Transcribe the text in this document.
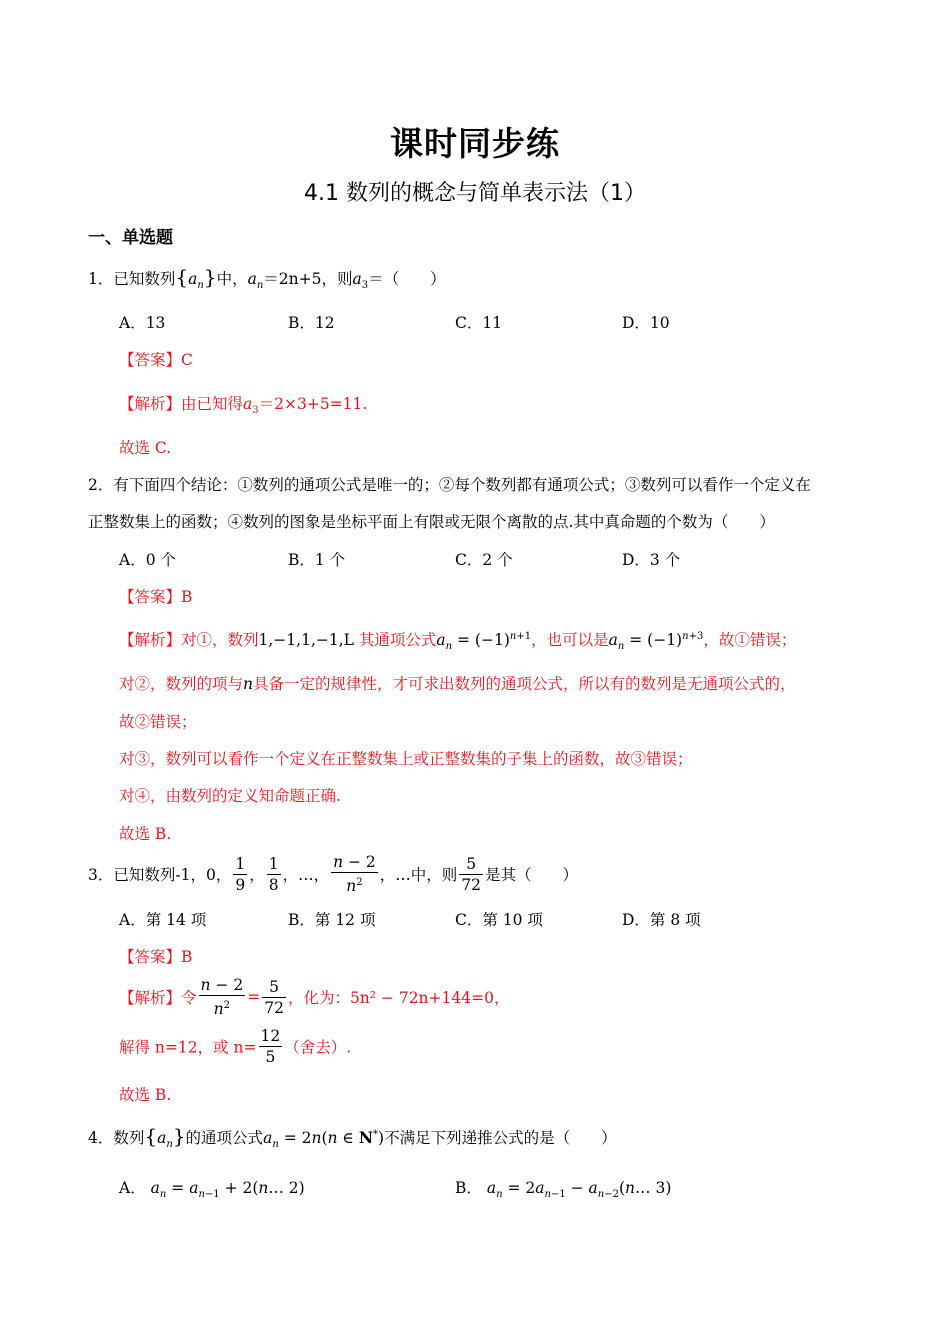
课时同步练
4.1 数列的概念与简单表示法（1）
一、单选题
1．已知数列$\{a_n\}$中，$a_n=2n+5$，则$a_3=$（　　）
A．13	B．12	C．11	D．10
【答案】C
【解析】由已知得$a_3=2\times 3+5=11$.
故选 C.
2．有下面四个结论：①数列的通项公式是唯一的；②每个数列都有通项公式；③数列可以看作一个定义在
正整数集上的函数；④数列的图象是坐标平面上有限或无限个离散的点.其中真命题的个数为（　　）
A．0 个	B．1 个	C．2 个	D．3 个
【答案】B
【解析】对①，数列1,−1,1,−1,L 其通项公式$a_n = (-1)^{n+1}$，也可以是$a_n = (-1)^{n+3}$，故①错误；
对②，数列的项与n具备一定的规律性，才可求出数列的通项公式，所以有的数列是无通项公式的，
故②错误；
对③，数列可以看作一个定义在正整数集上或正整数集的子集上的函数，故③错误；
对④，由数列的定义知命题正确.
故选 B.
3．已知数列-1，0， $\frac{1}{9}$ ， $\frac{1}{8}$ ，…， $\frac{n - 2}{n^2}$ ，…中，则 $\frac{5}{72}$ 是其（　　）
A．第 14 项	B．第 12 项	C．第 10 项	D．第 8 项
【答案】B
【解析】令 $\frac{n - 2}{n^2} = \frac{5}{72}$ ，化为：5n² − 72n+144=0，
解得 n=12，或 $n= \frac{12}{5}$ （舍去）.
故选 B.
4．数列$\{a_n\}$的通项公式$a_n = 2n(n$ ∈ N*)不满足下列递推公式的是（　　）
A． $a_n = a_{n-1}$ + 2(n… 2)	B． $a_n = 2a_{n-1}$ − $a_{n-2}(n\dots$ 3)
